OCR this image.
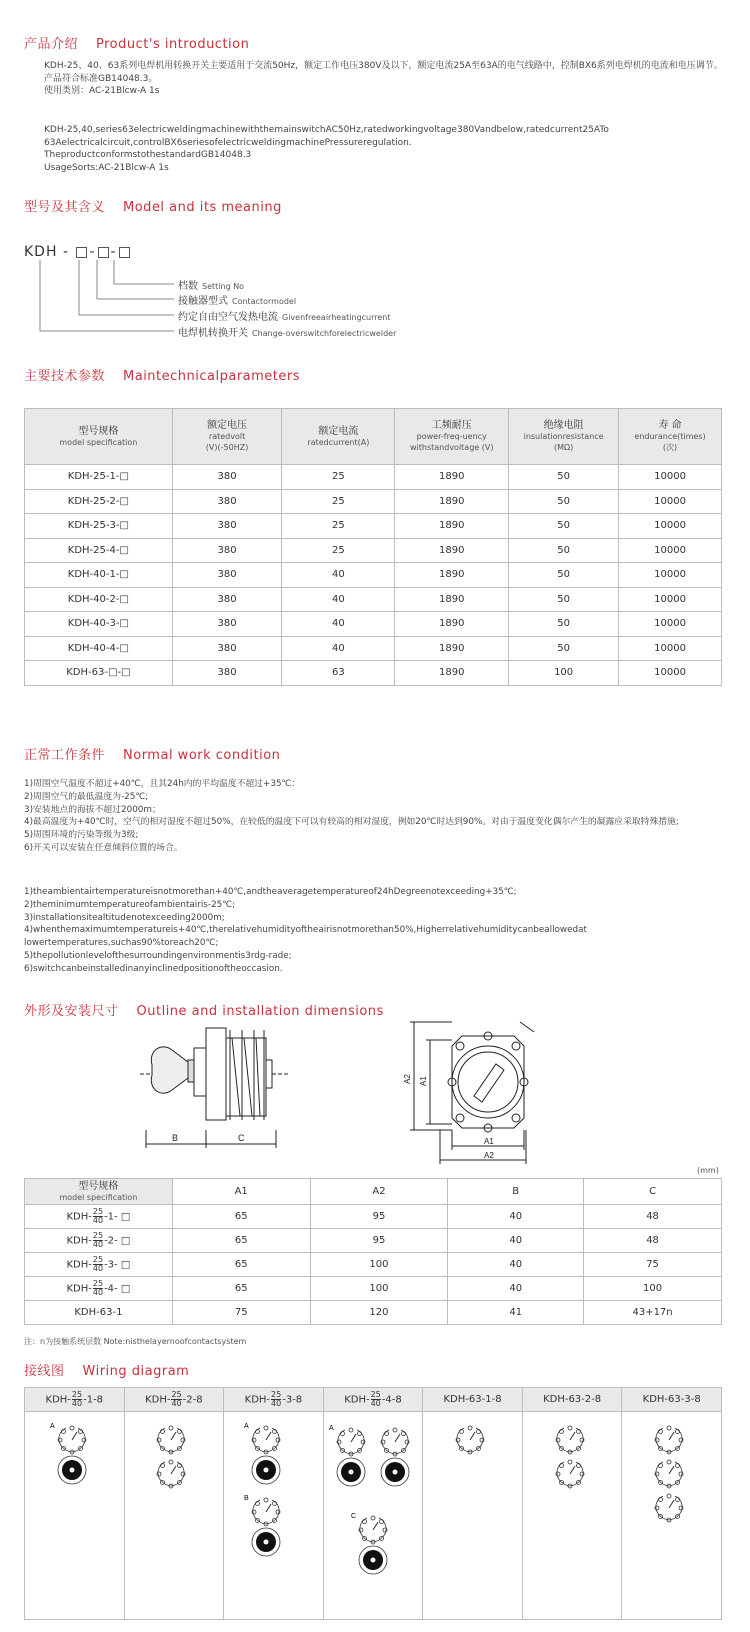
产品介绍 Product's introduction
KDH-25、40、63系列电焊机用转换开关主要适用于交流50Hz，额定工作电压380V及以下，额定电流25A至63A的电气线路中，控制BX6系列电焊机的电流和电压调节。
产品符合标准GB14048.3。
使用类别：AC-21Blcw-A 1s
KDH-25,40,series63electricweldingmachinewiththemainswitchAC50Hz,ratedworkingvoltage380Vandbelow,ratedcurrent25ATo 63Aelectricalcircuit,controlBX6seriesofelectricweldingmachinePressureregulation.
TheproductconformstothestandardGB14048.3
UsageSorts:AC-21Blcw-A 1s
型号及其含义 Model and its meaning
KDH - - -
档数 Setting No
接触器型式 Contactormodel
约定自由空气发热电流 Givenfreeairheatingcurrent
电焊机转换开关 Change-overswitchforelectricwelder
主要技术参数 Maintechnicalparameters
型号规格
model specification	额定电压
ratedvolt
(V)(-50HZ)	额定电流
ratedcurrent(A)	工频耐压
power-freq-uency
withstandvoltage (V)	绝缘电阻
insulationresistance
(MΩ)	寿 命
endurance(times)
(次)

KDH-25-1-□	380	25	1890	50	10000
KDH-25-2-□	380	25	1890	50	10000
KDH-25-3-□	380	25	1890	50	10000
KDH-25-4-□	380	25	1890	50	10000
KDH-40-1-□	380	40	1890	50	10000
KDH-40-2-□	380	40	1890	50	10000
KDH-40-3-□	380	40	1890	50	10000
KDH-40-4-□	380	40	1890	50	10000
KDH-63-□-□	380	63	1890	100	10000
正常工作条件 Normal work condition
1)周围空气温度不超过+40℃，且其24h内的平均温度不超过+35℃：
2)周围空气的最低温度为-25℃;
3)安装地点的海拔不超过2000m；
4)最高温度为+40℃时，空气的相对湿度不超过50%，在较低的温度下可以有较高的相对湿度，例如20℃时达到90%。对由于温度变化偶尔产生的凝露应采取特殊措施;
5)周围环境的污染等级为3级;
6)开关可以安装在任意倾斜位置的场合。
1)theambientairtemperatureisnotmorethan+40℃,andtheaveragetemperatureof24hDegreenotexceeding+35℃;
2)theminimumtemperatureofambientairis-25℃;
3)installationsitealtitudenotexceeding2000m;
4)whenthemaximumtemperatureis+40℃,therelativehumidityoftheairisnotmorethan50%,Higherrelativehumiditycanbeallowedat lowertemperatures,suchas90%toreach20℃;
5)thepollutionlevelofthesurroundingenvironmentis3rdg-rade;
6)switchcanbeinstalledinanyinclinedpositionoftheoccasion.
外形及安装尺寸 Outline and installation dimensions
B	C
A2 A1
A1
A2
(mm)
型号规格
model specification	A1	A2	B	C
$KDH- \frac{25}{40} -1-$ □	65	95	40	48
$KDH- \frac{25}{40} -2-$ □	65	95	40	48
$KDH- \frac{25}{40} -3-$ □	65	100	40	75
$KDH- \frac{25}{40} -4-$ □	65	100	40	100
KDH-63-1	75	120	41	43+17n
注：n为接触系统层数 Note:nisthelayernoofcontactsystem
接线图 Wiring diagram
$KDH- \frac{25}{40} -1-8$	$KDH- \frac{25}{40} -2-8$	$KDH- \frac{25}{40} -3-8$	$KDH- \frac{25}{40} -4-8$	KDH-63-1-8	KDH-63-2-8	KDH-63-3-8

A		A
B	A
C
